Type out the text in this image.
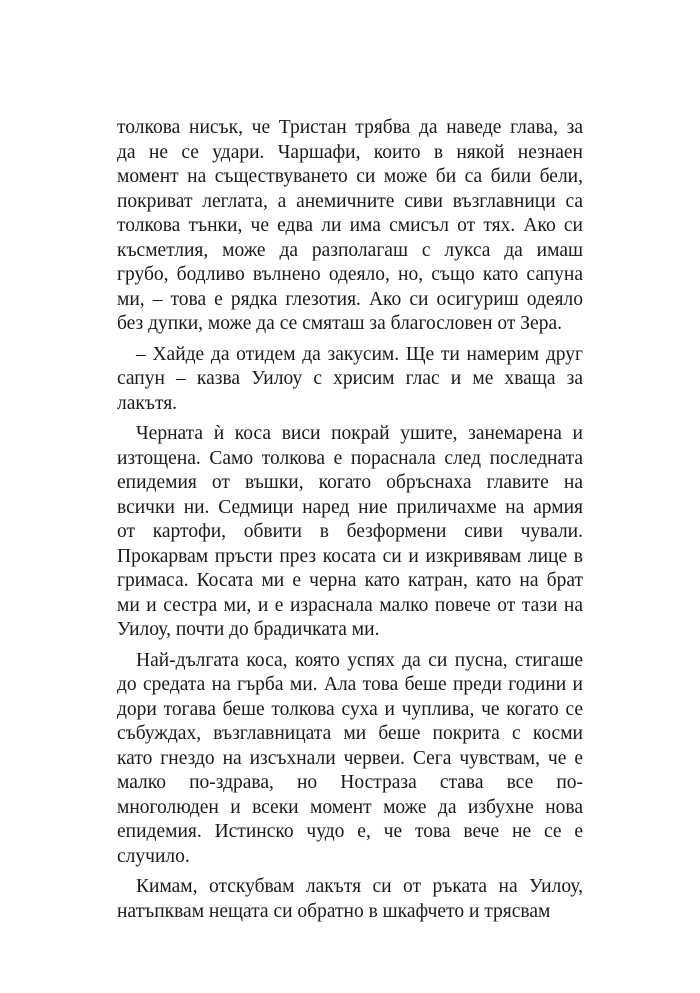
толкова нисък, че Тристан трябва да наведе глава, за
да не се удари. Чаршафи, които в някой незнаен
момент на съществуването си може би са били бели,
покриват леглата, а анемичните сиви възглавници са
толкова тънки, че едва ли има смисъл от тях. Ако си
късметлия, може да разполагаш с лукса да имаш
грубо, бодливо вълнено одеяло, но, също като сапуна
ми, – това е рядка глезотия. Ако си осигуриш одеяло
без дупки, може да се смяташ за благословен от Зера.
– Хайде да отидем да закусим. Ще ти намерим друг
сапун – казва Уилоу с хрисим глас и ме хваща за
лакътя.
Черната ѝ коса виси покрай ушите, занемарена и
изтощена. Само толкова е пораснала след последната
епидемия от въшки, когато обръснаха главите на
всички ни. Седмици наред ние приличахме на армия
от картофи, обвити в безформени сиви чували.
Прокарвам пръсти през косата си и изкривявам лице в
гримаса. Косата ми е черна като катран, като на брат
ми и сестра ми, и е израснала малко повече от тази на
Уилоу, почти до брадичката ми.
Най-дългата коса, която успях да си пусна, стигаше
до средата на гърба ми. Ала това беше преди години и
дори тогава беше толкова суха и чуплива, че когато се
събуждах, възглавницата ми беше покрита с косми
като гнездо на изсъхнали червеи. Сега чувствам, че е
малко по-здрава, но Нострaза става все по-
многолюден и всеки момент може да избухне нова
епидемия. Истинско чудо е, че това вече не се е
случило.
Кимам, отскубвам лакътя си от ръката на Уилоу,
натъпквам нещата си обратно в шкафчето и трясвам
